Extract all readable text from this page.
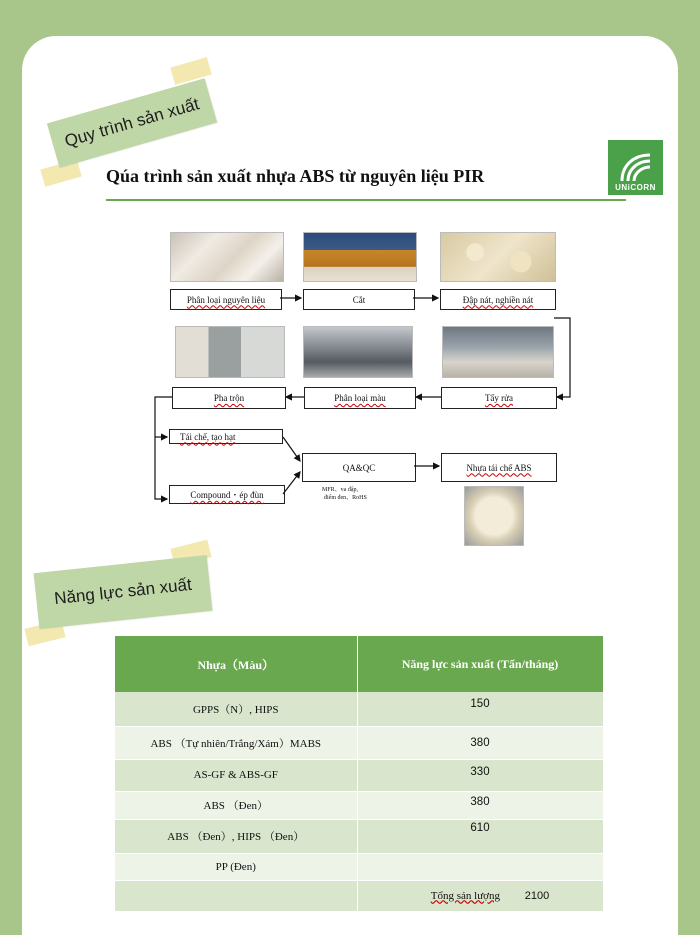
Quy trình sản xuất
UNiCORN
Qúa trình sản xuất nhựa ABS từ nguyên liệu PIR
Phân loại nguyên liệu	Cắt	Đập nát, nghiền nát
Pha trộn	Phân loại màu	Tẩy rửa
Tái chế, tạo hạt
QA&QC	Nhựa tái chế ABS
Compound・ép đùn	MFR、va đập,
điểm đen、RoHS
Năng lực sản xuất
Nhựa（Màu）	Năng lực sản xuất (Tấn/tháng)
GPPS（N）, HIPS	150
ABS （Tự nhiên/Trắng/Xám）MABS	380
AS-GF & ABS-GF	330
ABS （Đen）	380
ABS （Đen）, HIPS （Đen）	610
PP (Đen)	
	Tổng sản lượng 2100
